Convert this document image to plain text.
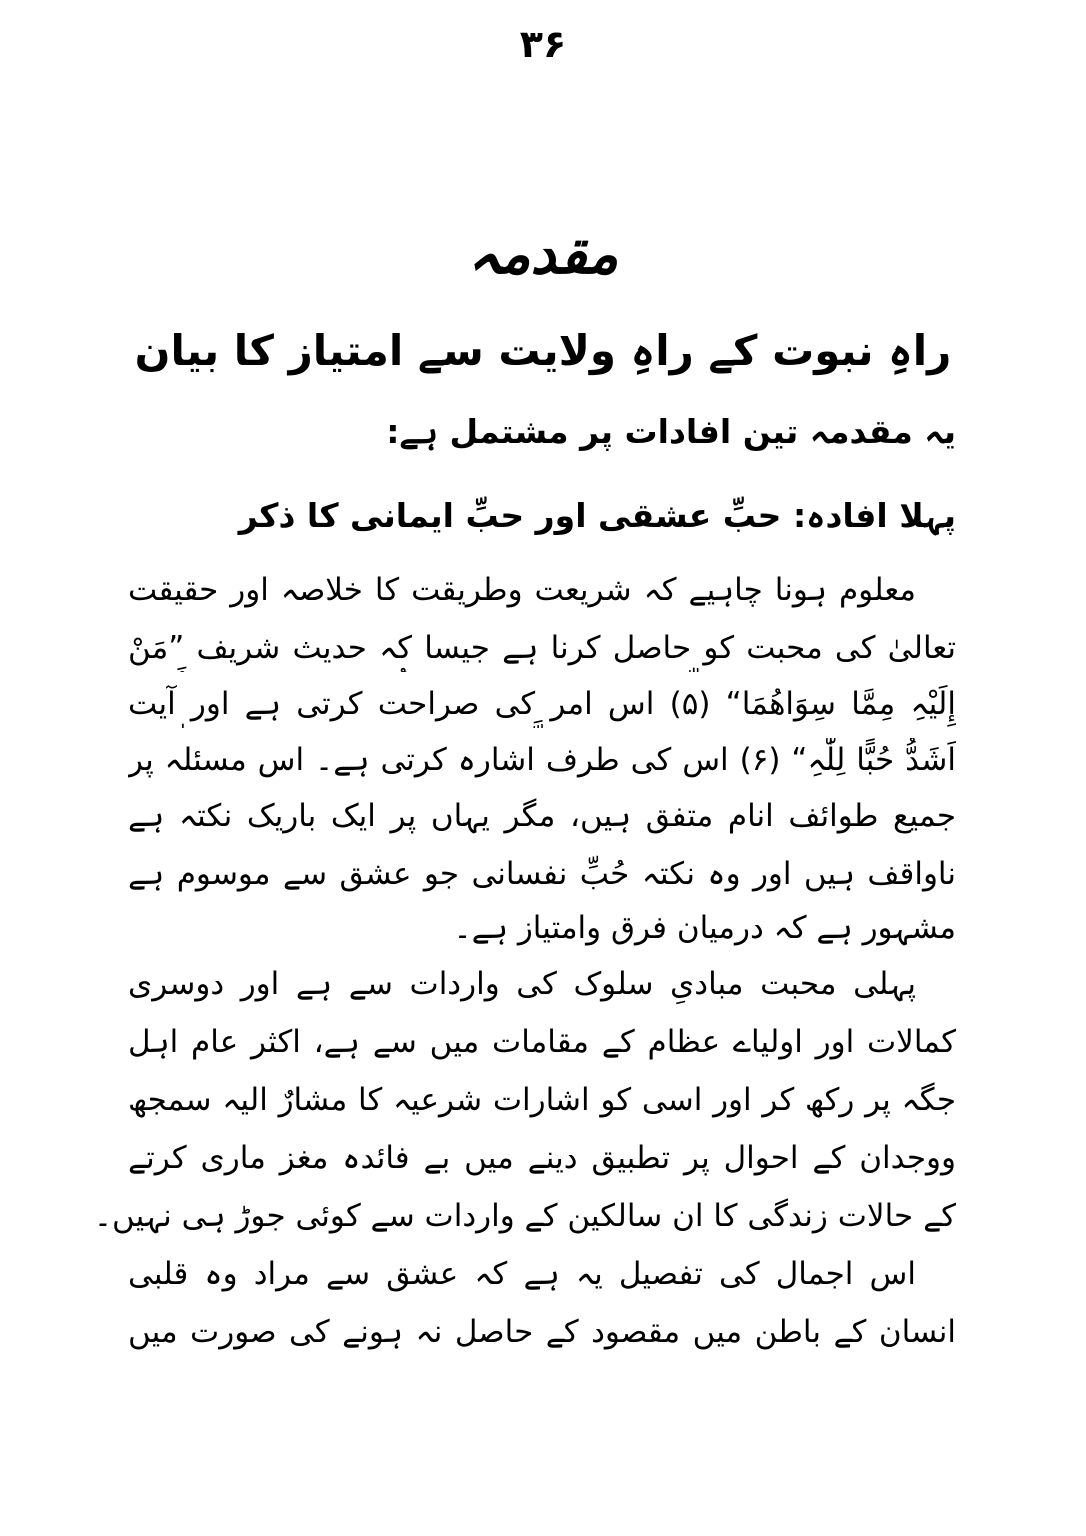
۳۶
مقدمہ
راہِ نبوت کے راہِ ولایت سے امتیاز کا بیان
یہ مقدمہ تین افادات پر مشتمل ہے:
پہلا افادہ: حبِّ عشقی اور حبِّ ایمانی کا ذکر
معلوم ہونا چاہیے کہ شریعت وطریقت کا خلاصہ اور حقیقت
تعالیٰ کی محبت کو حاصل کرنا ہے جیسا کہ حدیث شریف ”مَنْ
إِلَیْہِ مِمَّا سِوَاھُمَا“ (۵) اس امر کی صراحت کرتی ہے اور آیت
اَشَدُّ حُبًّا لِلّٰہِ“ (۶) اس کی طرف اشارہ کرتی ہے۔ اس مسئلہ پر
جمیع طوائف انام متفق ہیں، مگر یہاں پر ایک باریک نکتہ ہے
ناواقف ہیں اور وہ نکتہ حُبِّ نفسانی جو عشق سے موسوم ہے
مشہور ہے کہ درمیان فرق وامتیاز ہے۔
پہلی محبت مبادیِ سلوک کی واردات سے ہے اور دوسری
کمالات اور اولیاے عظام کے مقامات میں سے ہے، اکثر عام اہل
جگہ پر رکھ کر اور اسی کو اشارات شرعیہ کا مشارٌ الیہ سمجھ
ووجدان کے احوال پر تطبیق دینے میں بے فائدہ مغز ماری کرتے
کے حالات زندگی کا ان سالکین کے واردات سے کوئی جوڑ ہی نہیں۔
اس اجمال کی تفصیل یہ ہے کہ عشق سے مراد وہ قلبی
انسان کے باطن میں مقصود کے حاصل نہ ہونے کی صورت میں
